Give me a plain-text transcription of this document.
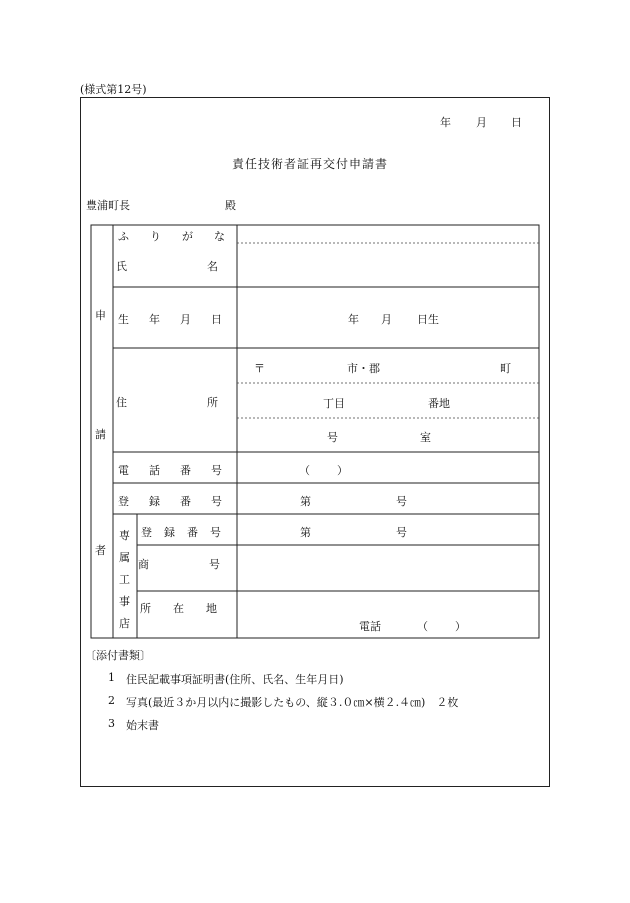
(様式第12号)
年 月 日
責任技術者証再交付申請書
豊浦町長	殿
申
請
者
ふりがな
氏名
生年月日	年 月 日生
住所
〒	市・郡	町
丁目	番地
号	室
電話番号	（　）
登録番号	第	号
専
属
工
事
店
登録番号	第	号
商号
所在地
電話	（　）
〔添付書類〕
1 住民記載事項証明書(住所、氏名、生年月日)
2 写真(最近３か月以内に撮影したもの、縦３.０㎝×横２.４㎝)　２枚
3 始末書
